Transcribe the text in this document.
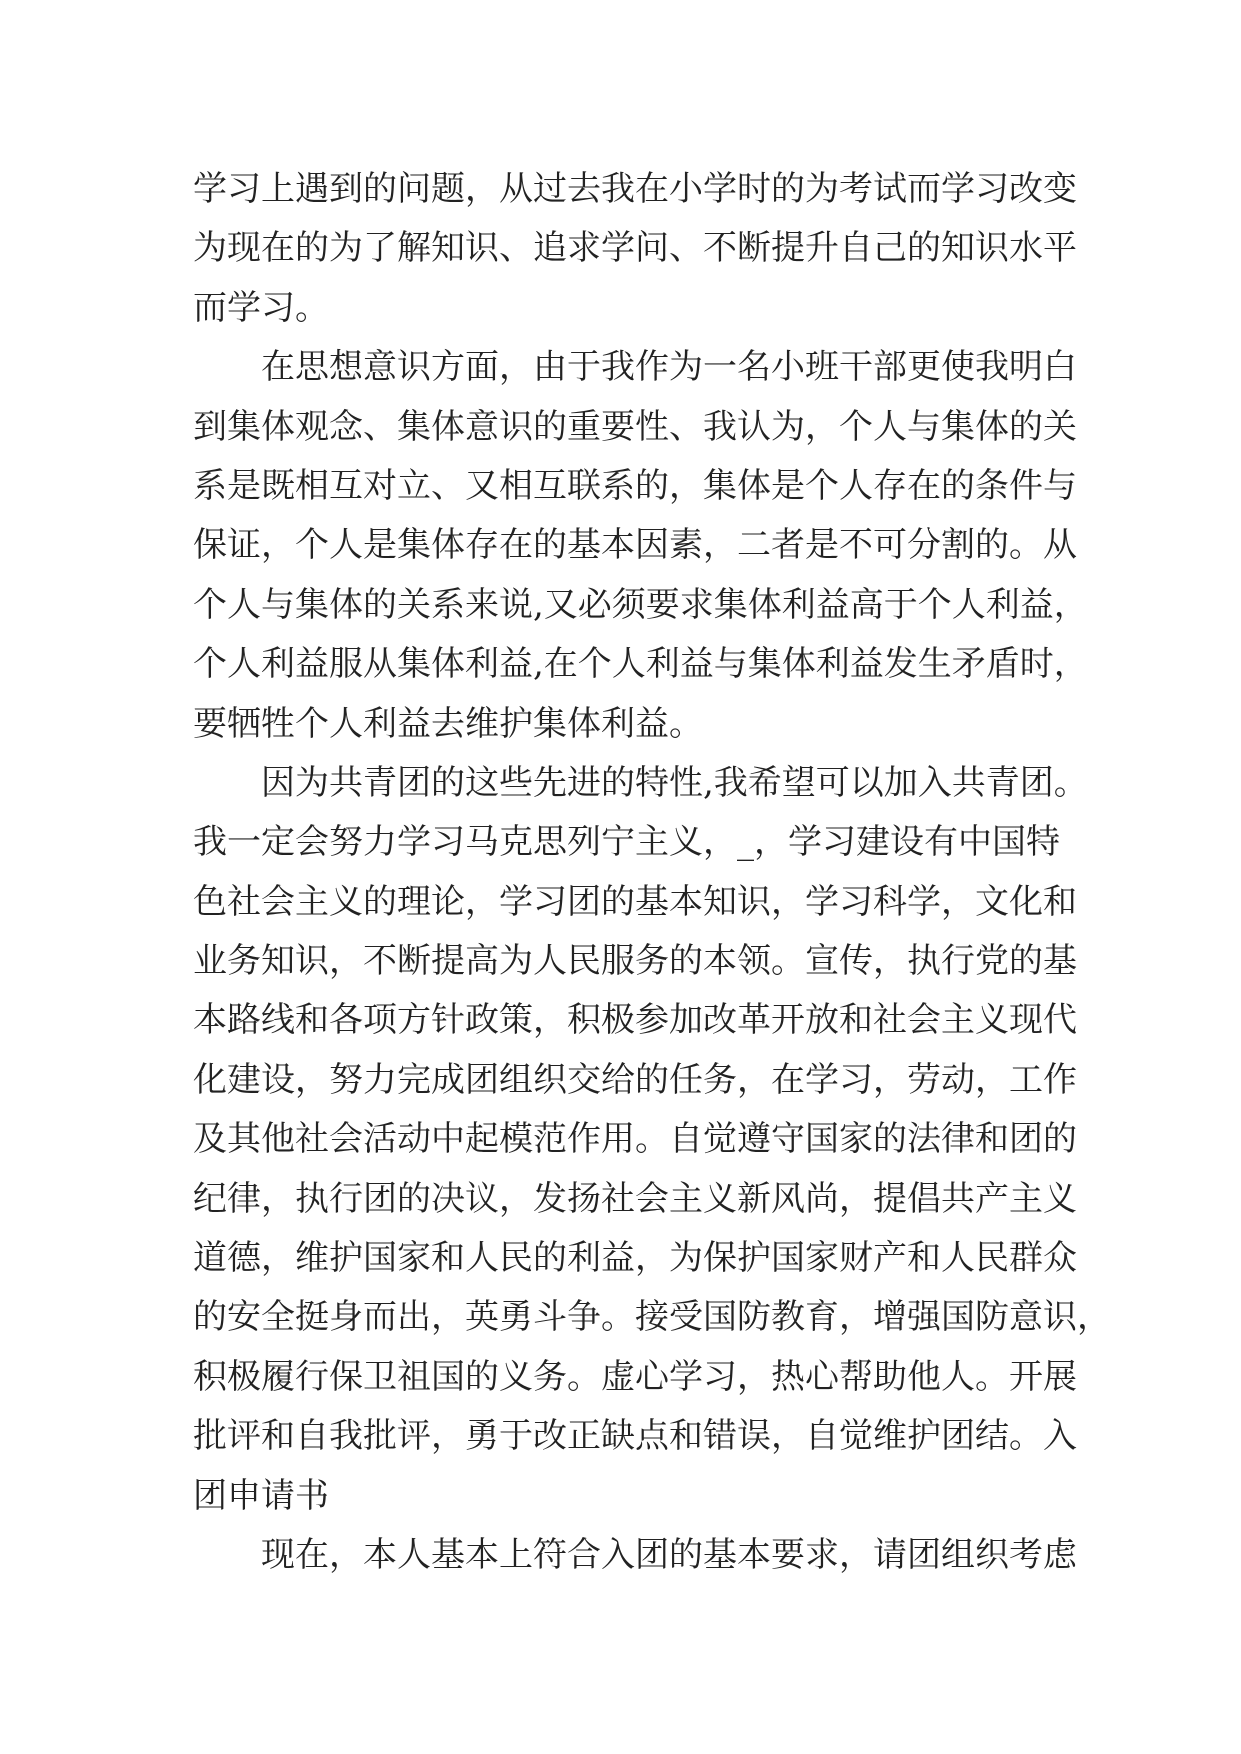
学习上遇到的问题，从过去我在小学时的为考试而学习改变
为现在的为了解知识、追求学问、不断提升自己的知识水平
而学习。
在思想意识方面，由于我作为一名小班干部更使我明白
到集体观念、集体意识的重要性、我认为，个人与集体的关
系是既相互对立、又相互联系的，集体是个人存在的条件与
保证，个人是集体存在的基本因素，二者是不可分割的。从
个人与集体的关系来说,又必须要求集体利益高于个人利益，
个人利益服从集体利益,在个人利益与集体利益发生矛盾时，
要牺牲个人利益去维护集体利益。
因为共青团的这些先进的特性,我希望可以加入共青团。
我一定会努力学习马克思列宁主义，_，学习建设有中国特
色社会主义的理论，学习团的基本知识，学习科学，文化和
业务知识，不断提高为人民服务的本领。宣传，执行党的基
本路线和各项方针政策，积极参加改革开放和社会主义现代
化建设，努力完成团组织交给的任务，在学习，劳动，工作
及其他社会活动中起模范作用。自觉遵守国家的法律和团的
纪律，执行团的决议，发扬社会主义新风尚，提倡共产主义
道德，维护国家和人民的利益，为保护国家财产和人民群众
的安全挺身而出，英勇斗争。接受国防教育，增强国防意识，
积极履行保卫祖国的义务。虚心学习，热心帮助他人。开展
批评和自我批评，勇于改正缺点和错误，自觉维护团结。入
团申请书
现在，本人基本上符合入团的基本要求，请团组织考虑
